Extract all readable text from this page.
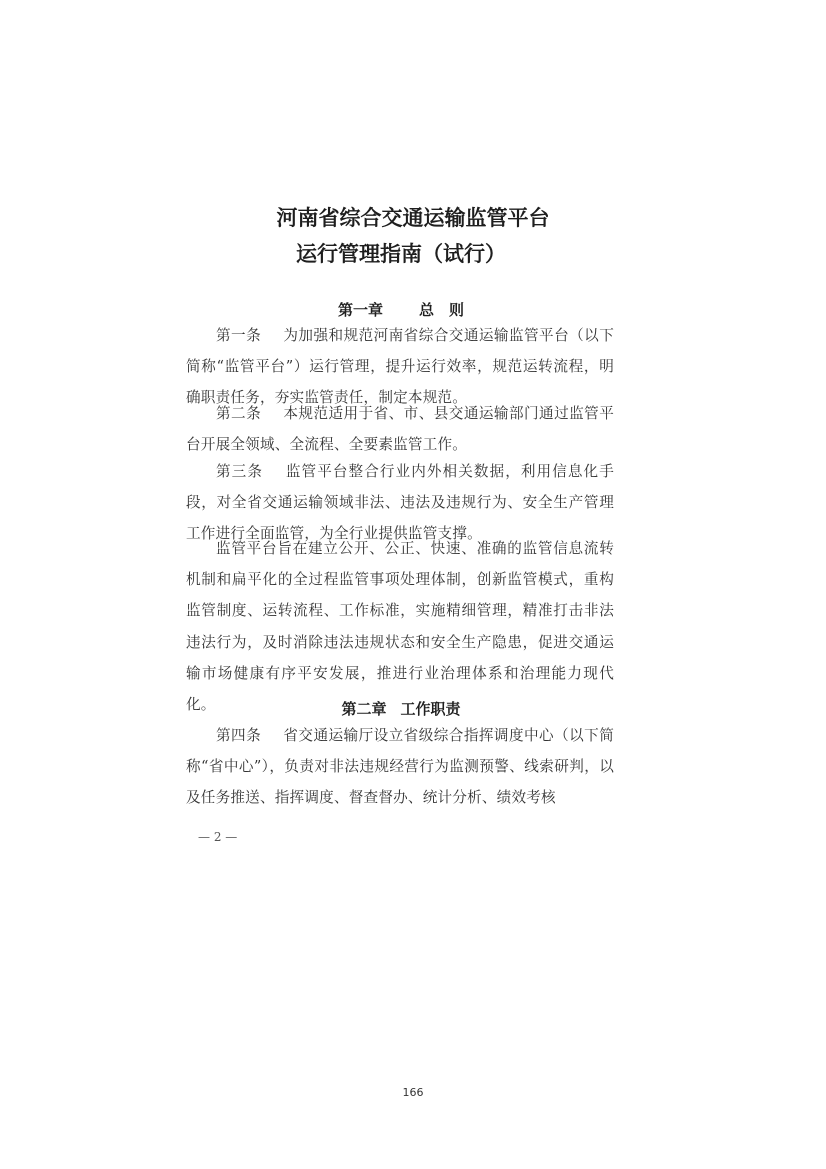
河南省综合交通运输监管平台
运行管理指南（试行）
第一章 总　则

第一条 为加强和规范河南省综合交通运输监管平台（以下简称“监管平台”）运行管理，提升运行效率，规范运转流程，明确职责任务，夯实监管责任，制定本规范。

第二条 本规范适用于省、市、县交通运输部门通过监管平台开展全领域、全流程、全要素监管工作。

第三条 监管平台整合行业内外相关数据，利用信息化手段，对全省交通运输领域非法、违法及违规行为、安全生产管理工作进行全面监管，为全行业提供监管支撑。

监管平台旨在建立公开、公正、快速、准确的监管信息流转机制和扁平化的全过程监管事项处理体制，创新监管模式，重构监管制度、运转流程、工作标准，实施精细管理，精准打击非法违法行为，及时消除违法违规状态和安全生产隐患，促进交通运输市场健康有序平安发展，推进行业治理体系和治理能力现代化。	第二章 工作职责

第四条 省交通运输厅设立省级综合指挥调度中心（以下简称“省中心”），负责对非法违规经营行为监测预警、线索研判，以及任务推送、指挥调度、督查督办、统计分析、绩效考核

— 2 —
166
